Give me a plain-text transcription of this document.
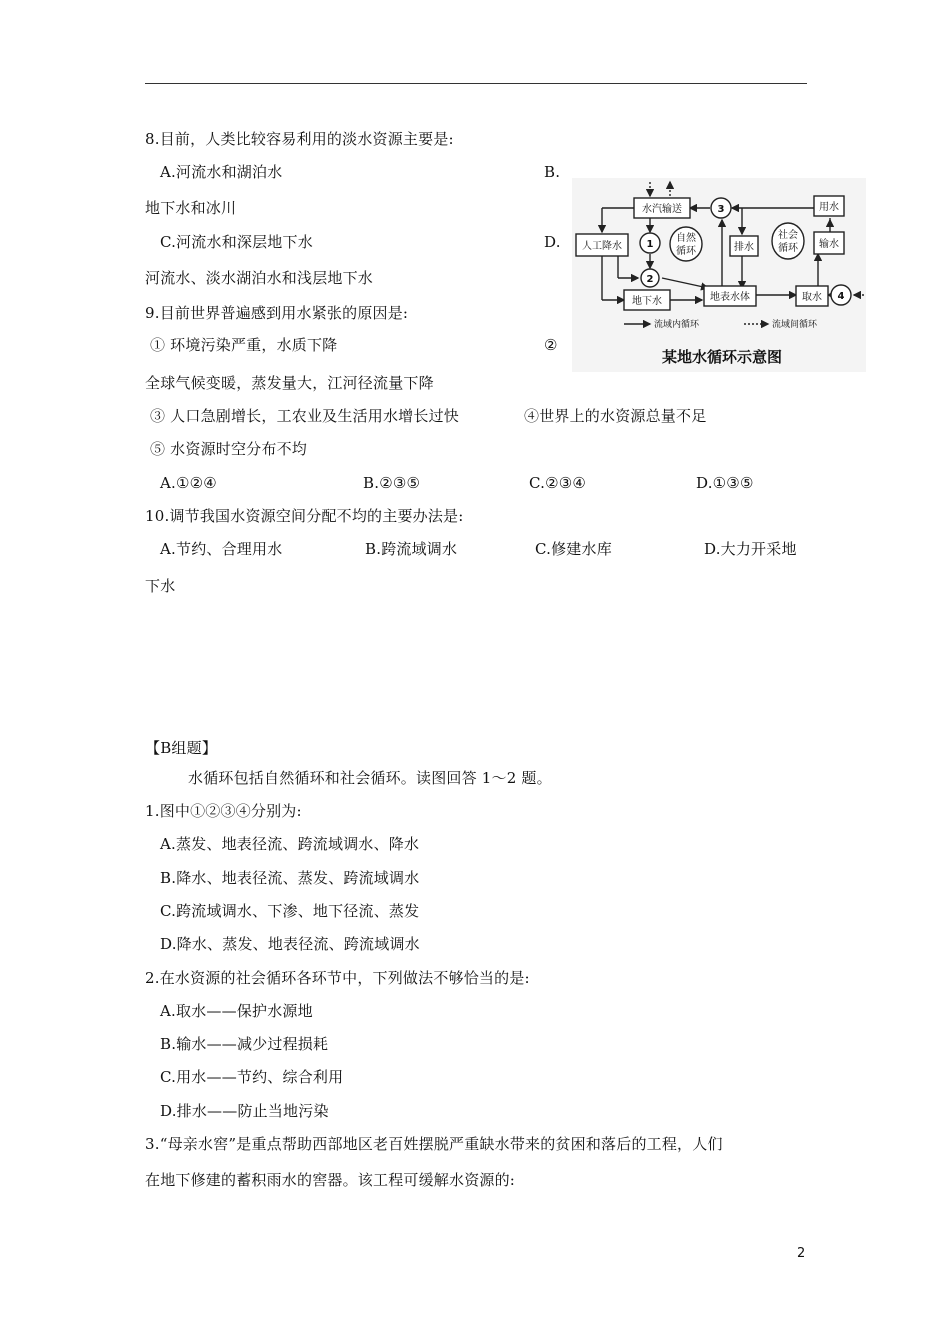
8.目前，人类比较容易利用的淡水资源主要是:
A.河流水和湖泊水	B.
地下水和冰川
C.河流水和深层地下水	D.
河流水、淡水湖泊水和浅层地下水
9.目前世界普遍感到用水紧张的原因是:
① 环境污染严重，水质下降	②
全球气候变暖，蒸发量大，江河径流量下降
③ 人口急剧增长，工农业及生活用水增长过快	④世界上的水资源总量不足
⑤ 水资源时空分布不均
A.①②④	B.②③⑤	C.②③④	D.①③⑤
10.调节我国水资源空间分配不均的主要办法是:
A.节约、合理用水	B.跨流域调水	C.修建水库	D.大力开采地
下水
水汽输送
人工降水
地下水	地表水体
排水
用水
输水
取水
1
2
3
4
自然
循环
社会
循环
流域内循环	流域间循环
某地水循环示意图
【B组题】
水循环包括自然循环和社会循环。读图回答 1～2 题。
1.图中①②③④分别为:
A.蒸发、地表径流、跨流域调水、降水
B.降水、地表径流、蒸发、跨流域调水
C.跨流域调水、下渗、地下径流、蒸发
D.降水、蒸发、地表径流、跨流域调水
2.在水资源的社会循环各环节中，下列做法不够恰当的是:
A.取水——保护水源地
B.输水——减少过程损耗
C.用水——节约、综合利用
D.排水——防止当地污染
3.“母亲水窖”是重点帮助西部地区老百姓摆脱严重缺水带来的贫困和落后的工程，人们
在地下修建的蓄积雨水的窖器。该工程可缓解水资源的:
2
